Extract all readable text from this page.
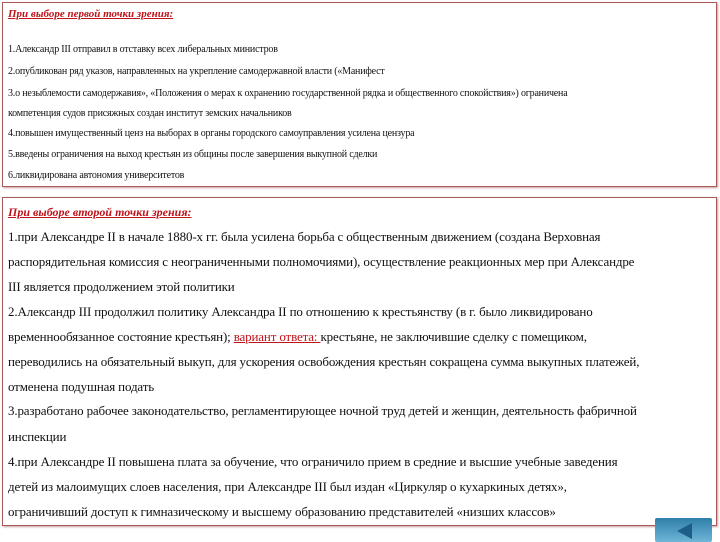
При выборе первой точки зрения:
1.Александр III отправил в отставку всех либеральных министров
2.опубликован ряд указов, направленных на укрепление самодержавной власти («Манифест
3.о незыблемости самодержавия», «Положения о мерах к охранению государственной рядка и общественного спокойствия») ограничена
компетенция судов присяжных создан институт земских начальников
4.повышен имущественный ценз на выборах в органы городского самоуправления усилена цензура
5.введены ограничения на выход крестьян из общины после завершения выкупной сделки
6.ликвидирована автономия университетов
При выборе второй точки зрения:
1.при Александре II в начале 1880-х гг. была усилена борьба с общественным движением (создана Верховная
распорядительная комиссия с неограниченными полномочиями), осуществление реакционных мер при Александре
III является продолжением этой политики
2.Александр III продолжил политику Александра II по отношению к крестьянству (в г. было ликвидировано
временнообязанное состояние крестьян); вариант ответа: крестьяне, не заключившие сделку с помещиком,
переводились на обязательный выкуп, для ускорения освобождения крестьян сокращена сумма выкупных платежей,
отменена подушная подать
3.разработано рабочее законодательство, регламентирующее ночной труд детей и женщин, деятельность фабричной
инспекции
4.при Александре II повышена плата за обучение, что ограничило прием в средние и высшие учебные заведения
детей из малоимущих слоев населения, при Александре III был издан «Циркуляр о кухаркиных детях»,
ограничивший доступ к гимназическому и высшему образованию представителей «низших классов»
